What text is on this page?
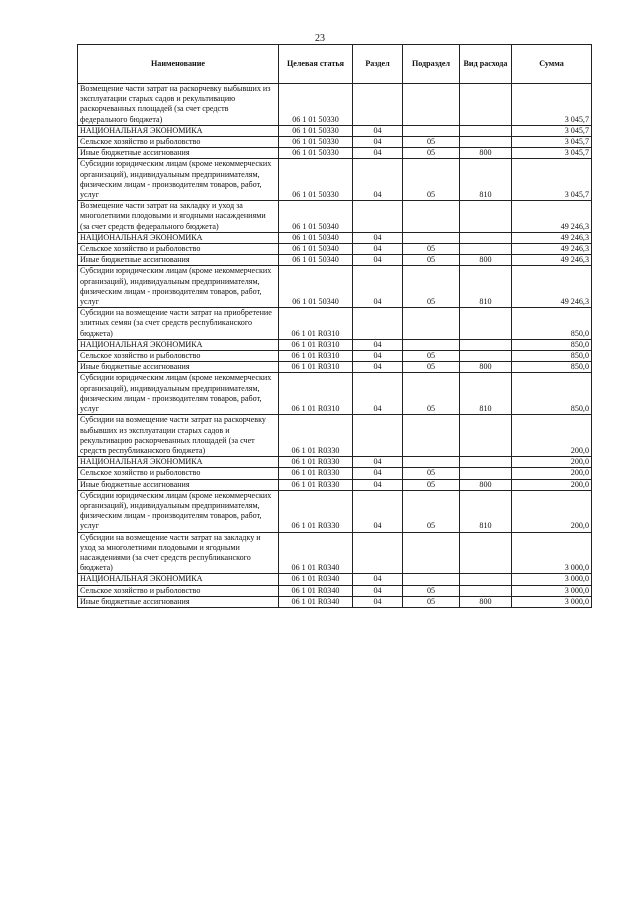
23
Наименование	Целевая статья	Раздел	Подраздел	Вид расхода	Сумма
Возмещение части затрат на раскорчевку выбывших из эксплуатации старых садов и рекультивацию раскорчеванных площадей (за счет средств федерального бюджета)	06 1 01 50330				3 045,7
НАЦИОНАЛЬНАЯ ЭКОНОМИКА	06 1 01 50330	04			3 045,7
Сельское хозяйство и рыболовство	06 1 01 50330	04	05		3 045,7
Иные бюджетные ассигнования	06 1 01 50330	04	05	800	3 045,7
Субсидии юридическим лицам (кроме некоммерческих организаций), индивидуальным предпринимателям, физическим лицам - производителям товаров, работ, услуг	06 1 01 50330	04	05	810	3 045,7
Возмещение части затрат на закладку и уход за многолетними плодовыми и ягодными насаждениями (за счет средств федерального бюджета)	06 1 01 50340				49 246,3
НАЦИОНАЛЬНАЯ ЭКОНОМИКА	06 1 01 50340	04			49 246,3
Сельское хозяйство и рыболовство	06 1 01 50340	04	05		49 246,3
Иные бюджетные ассигнования	06 1 01 50340	04	05	800	49 246,3
Субсидии юридическим лицам (кроме некоммерческих организаций), индивидуальным предпринимателям, физическим лицам - производителям товаров, работ, услуг	06 1 01 50340	04	05	810	49 246,3
Субсидии на возмещение части затрат на приобретение элитных семян (за счет средств республиканского бюджета)	06 1 01 R0310				850,0
НАЦИОНАЛЬНАЯ ЭКОНОМИКА	06 1 01 R0310	04			850,0
Сельское хозяйство и рыболовство	06 1 01 R0310	04	05		850,0
Иные бюджетные ассигнования	06 1 01 R0310	04	05	800	850,0
Субсидии юридическим лицам (кроме некоммерческих организаций), индивидуальным предпринимателям, физическим лицам - производителям товаров, работ, услуг	06 1 01 R0310	04	05	810	850,0
Субсидии на возмещение части затрат на раскорчевку выбывших из эксплуатации старых садов и рекультивацию раскорчеванных площадей (за счет средств республиканского бюджета)	06 1 01 R0330				200,0
НАЦИОНАЛЬНАЯ ЭКОНОМИКА	06 1 01 R0330	04			200,0
Сельское хозяйство и рыболовство	06 1 01 R0330	04	05		200,0
Иные бюджетные ассигнования	06 1 01 R0330	04	05	800	200,0
Субсидии юридическим лицам (кроме некоммерческих организаций), индивидуальным предпринимателям, физическим лицам - производителям товаров, работ, услуг	06 1 01 R0330	04	05	810	200,0
Субсидии на возмещение части затрат на закладку и уход за многолетними плодовыми и ягодными насаждениями (за счет средств республиканского бюджета)	06 1 01 R0340				3 000,0
НАЦИОНАЛЬНАЯ ЭКОНОМИКА	06 1 01 R0340	04			3 000,0
Сельское хозяйство и рыболовство	06 1 01 R0340	04	05		3 000,0
Иные бюджетные ассигнования	06 1 01 R0340	04	05	800	3 000,0
